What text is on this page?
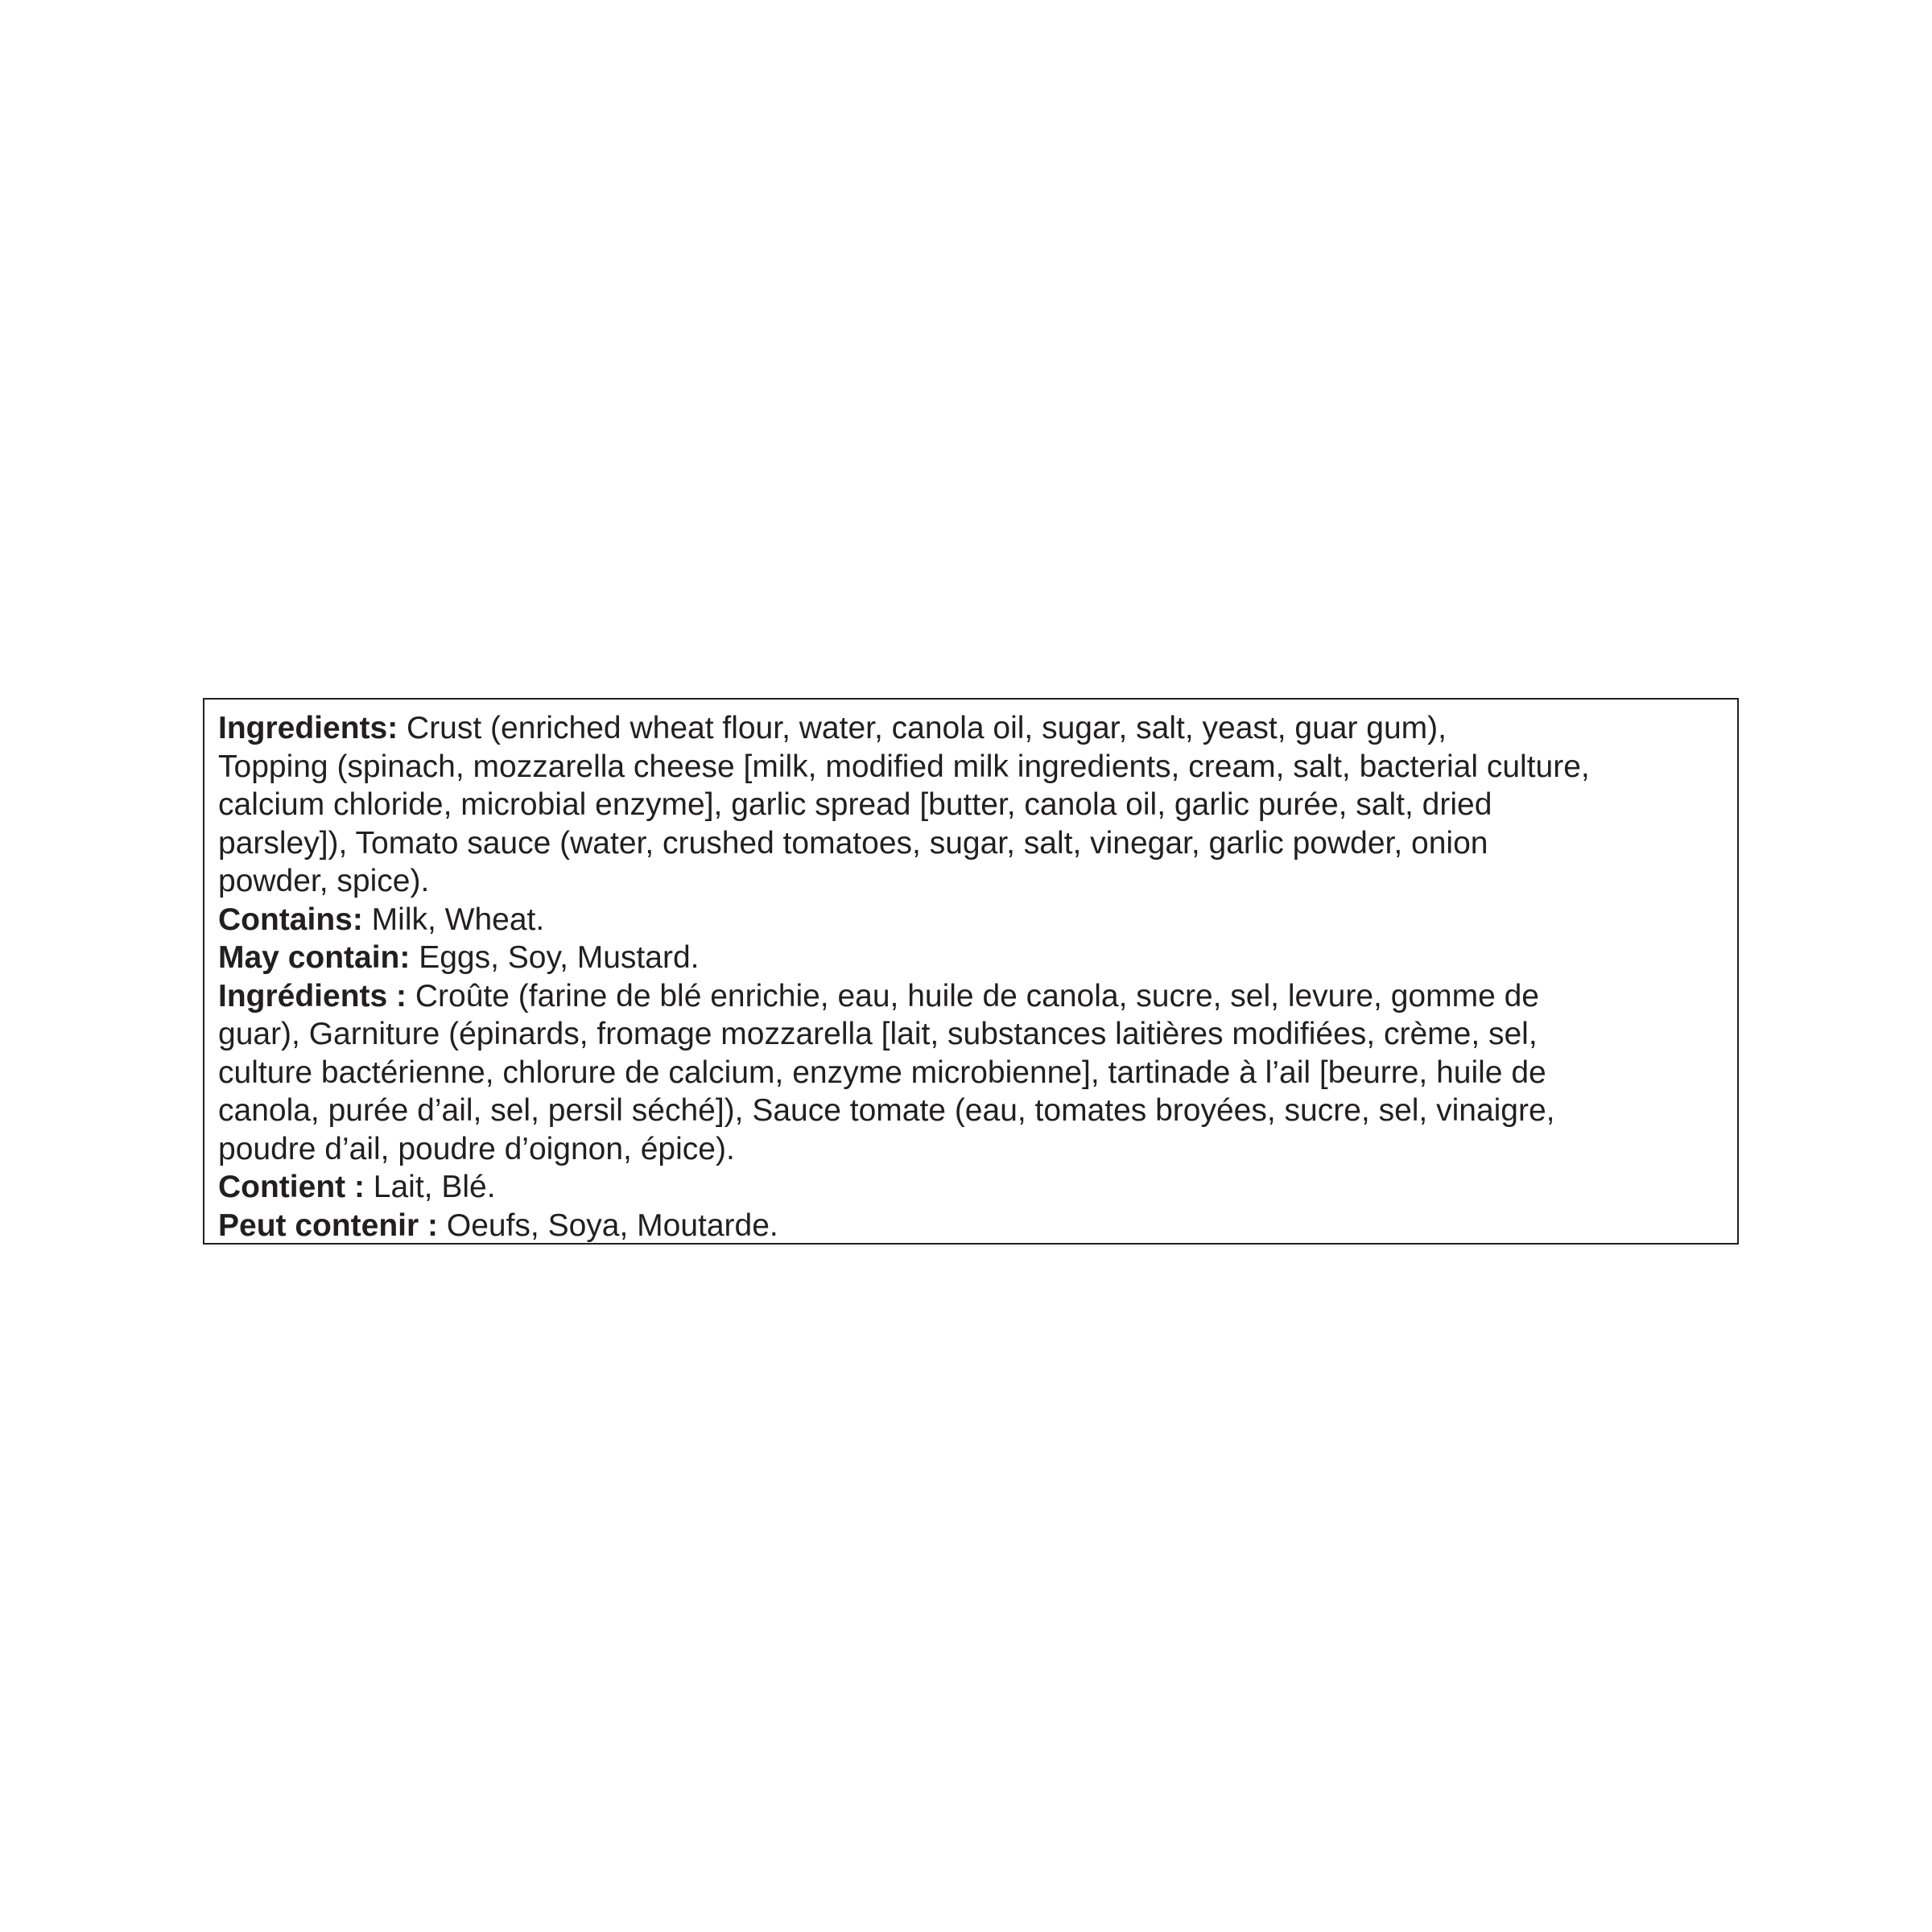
Ingredients: Crust (enriched wheat flour, water, canola oil, sugar, salt, yeast, guar gum),

Topping (spinach, mozzarella cheese [milk, modified milk ingredients, cream, salt, bacterial culture,

calcium chloride, microbial enzyme], garlic spread [butter, canola oil, garlic purée, salt, dried

parsley]), Tomato sauce (water, crushed tomatoes, sugar, salt, vinegar, garlic powder, onion

powder, spice).

Contains: Milk, Wheat.

May contain: Eggs, Soy, Mustard.

Ingrédients : Croûte (farine de blé enrichie, eau, huile de canola, sucre, sel, levure, gomme de

guar), Garniture (épinards, fromage mozzarella [lait, substances laitières modifiées, crème, sel,

culture bactérienne, chlorure de calcium, enzyme microbienne], tartinade à l’ail [beurre, huile de

canola, purée d’ail, sel, persil séché]), Sauce tomate (eau, tomates broyées, sucre, sel, vinaigre,

poudre d’ail, poudre d’oignon, épice).

Contient : Lait, Blé.

Peut contenir : Oeufs, Soya, Moutarde.
